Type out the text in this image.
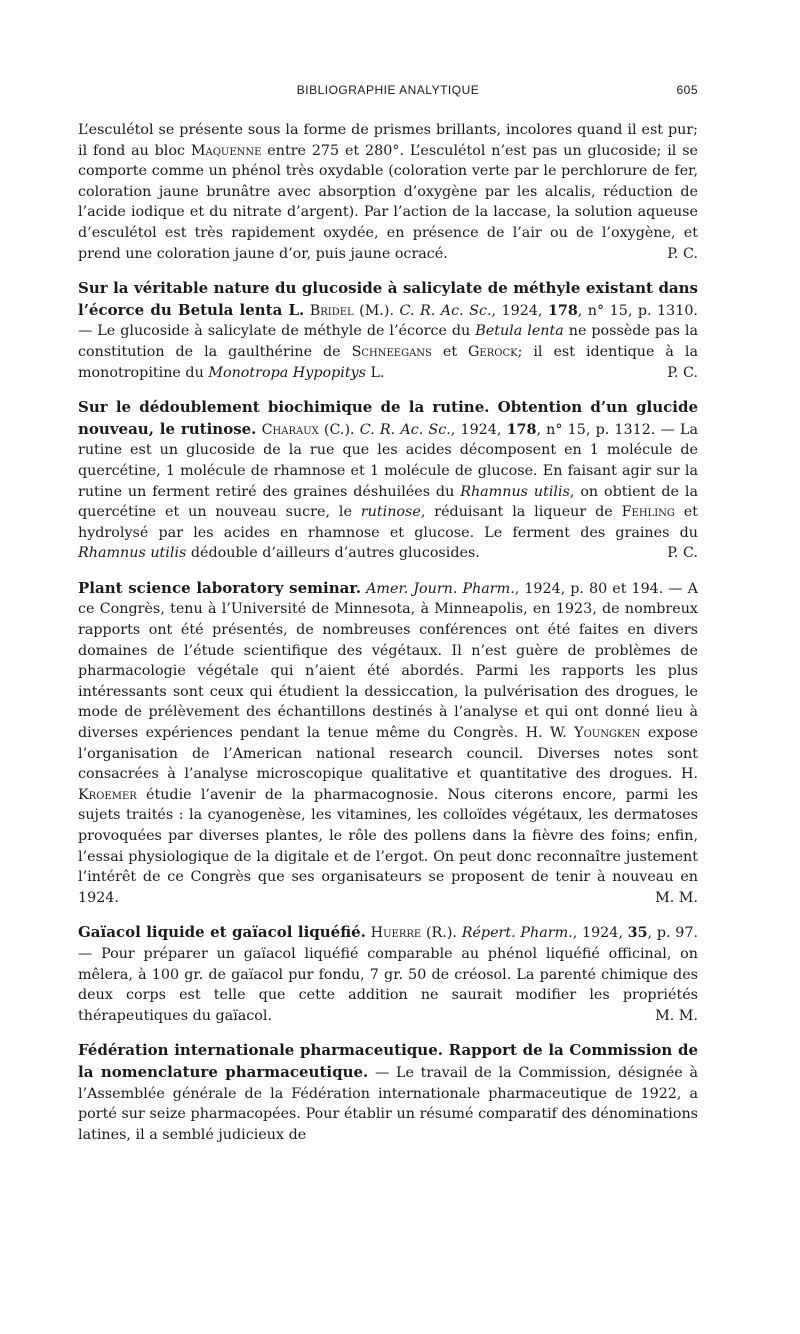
BIBLIOGRAPHIE ANALYTIQUE	605

L’esculétol se présente sous la forme de prismes brillants, incolores quand il est pur; il fond au bloc Maquenne entre 275 et 280°. L’esculétol n’est pas un glucoside; il se comporte comme un phénol très oxydable (coloration verte par le perchlorure de fer, coloration jaune brunâtre avec absorption d’oxygène par les alcalis, réduction de l’acide iodique et du nitrate d’argent). Par l’action de la laccase, la solution aqueuse d’esculétol est très rapidement oxydée, en présence de l’air ou de l’oxygène, et prend une coloration jaune d’or, puis jaune ocracé.	P. C.

Sur la véritable nature du glucoside à salicylate de méthyle existant dans l’écorce du Betula lenta L. Bridel (M.). C. R. Ac. Sc., 1924, 178, n° 15, p. 1310. — Le glucoside à salicylate de méthyle de l’écorce du Betula lenta ne possède pas la constitution de la gaulthérine de Schneegans et Gerock; il est identique à la monotropitine du Monotropa Hypopitys L.	P. C.

Sur le dédoublement biochimique de la rutine. Obtention d’un glucide nouveau, le rutinose. Charaux (C.). C. R. Ac. Sc., 1924, 178, n° 15, p. 1312. — La rutine est un glucoside de la rue que les acides décomposent en 1 molécule de quercétine, 1 molécule de rhamnose et 1 molécule de glucose. En faisant agir sur la rutine un ferment retiré des graines déshuilées du Rhamnus utilis, on obtient de la quercétine et un nouveau sucre, le rutinose, réduisant la liqueur de Fehling et hydrolysé par les acides en rhamnose et glucose. Le ferment des graines du Rhamnus utilis dédouble d’ailleurs d’autres glucosides.	P. C.

Plant science laboratory seminar. Amer. Journ. Pharm., 1924, p. 80 et 194. — A ce Congrès, tenu à l’Université de Minnesota, à Minneapolis, en 1923, de nombreux rapports ont été présentés, de nombreuses conférences ont été faites en divers domaines de l’étude scientifique des végétaux. Il n’est guère de problèmes de pharmacologie végétale qui n’aient été abordés. Parmi les rapports les plus intéressants sont ceux qui étudient la dessiccation, la pulvérisation des drogues, le mode de prélèvement des échantillons destinés à l’analyse et qui ont donné lieu à diverses expériences pendant la tenue même du Congrès. H. W. Youngken expose l’organisation de l’American national research council. Diverses notes sont consacrées à l’analyse microscopique qualitative et quantitative des drogues. H. Kroemer étudie l’avenir de la pharmacognosie. Nous citerons encore, parmi les sujets traités : la cyanogenèse, les vitamines, les colloïdes végétaux, les dermatoses provoquées par diverses plantes, le rôle des pollens dans la fièvre des foins; enfin, l’essai physiologique de la digitale et de l’ergot. On peut donc reconnaître justement l’intérêt de ce Congrès que ses organisateurs se proposent de tenir à nouveau en 1924.	M. M.

Gaïacol liquide et gaïacol liquéfié. Huerre (R.). Répert. Pharm., 1924, 35, p. 97. — Pour préparer un gaïacol liquéfié comparable au phénol liquéfié officinal, on mêlera, à 100 gr. de gaïacol pur fondu, 7 gr. 50 de créosol. La parenté chimique des deux corps est telle que cette addition ne saurait modifier les propriétés thérapeutiques du gaïacol.	M. M.

Fédération internationale pharmaceutique. Rapport de la Commission de la nomenclature pharmaceutique. — Le travail de la Commission, désignée à l’Assemblée générale de la Fédération internationale pharmaceutique de 1922, a porté sur seize pharmacopées. Pour établir un résumé comparatif des dénominations latines, il a semblé judicieux de
